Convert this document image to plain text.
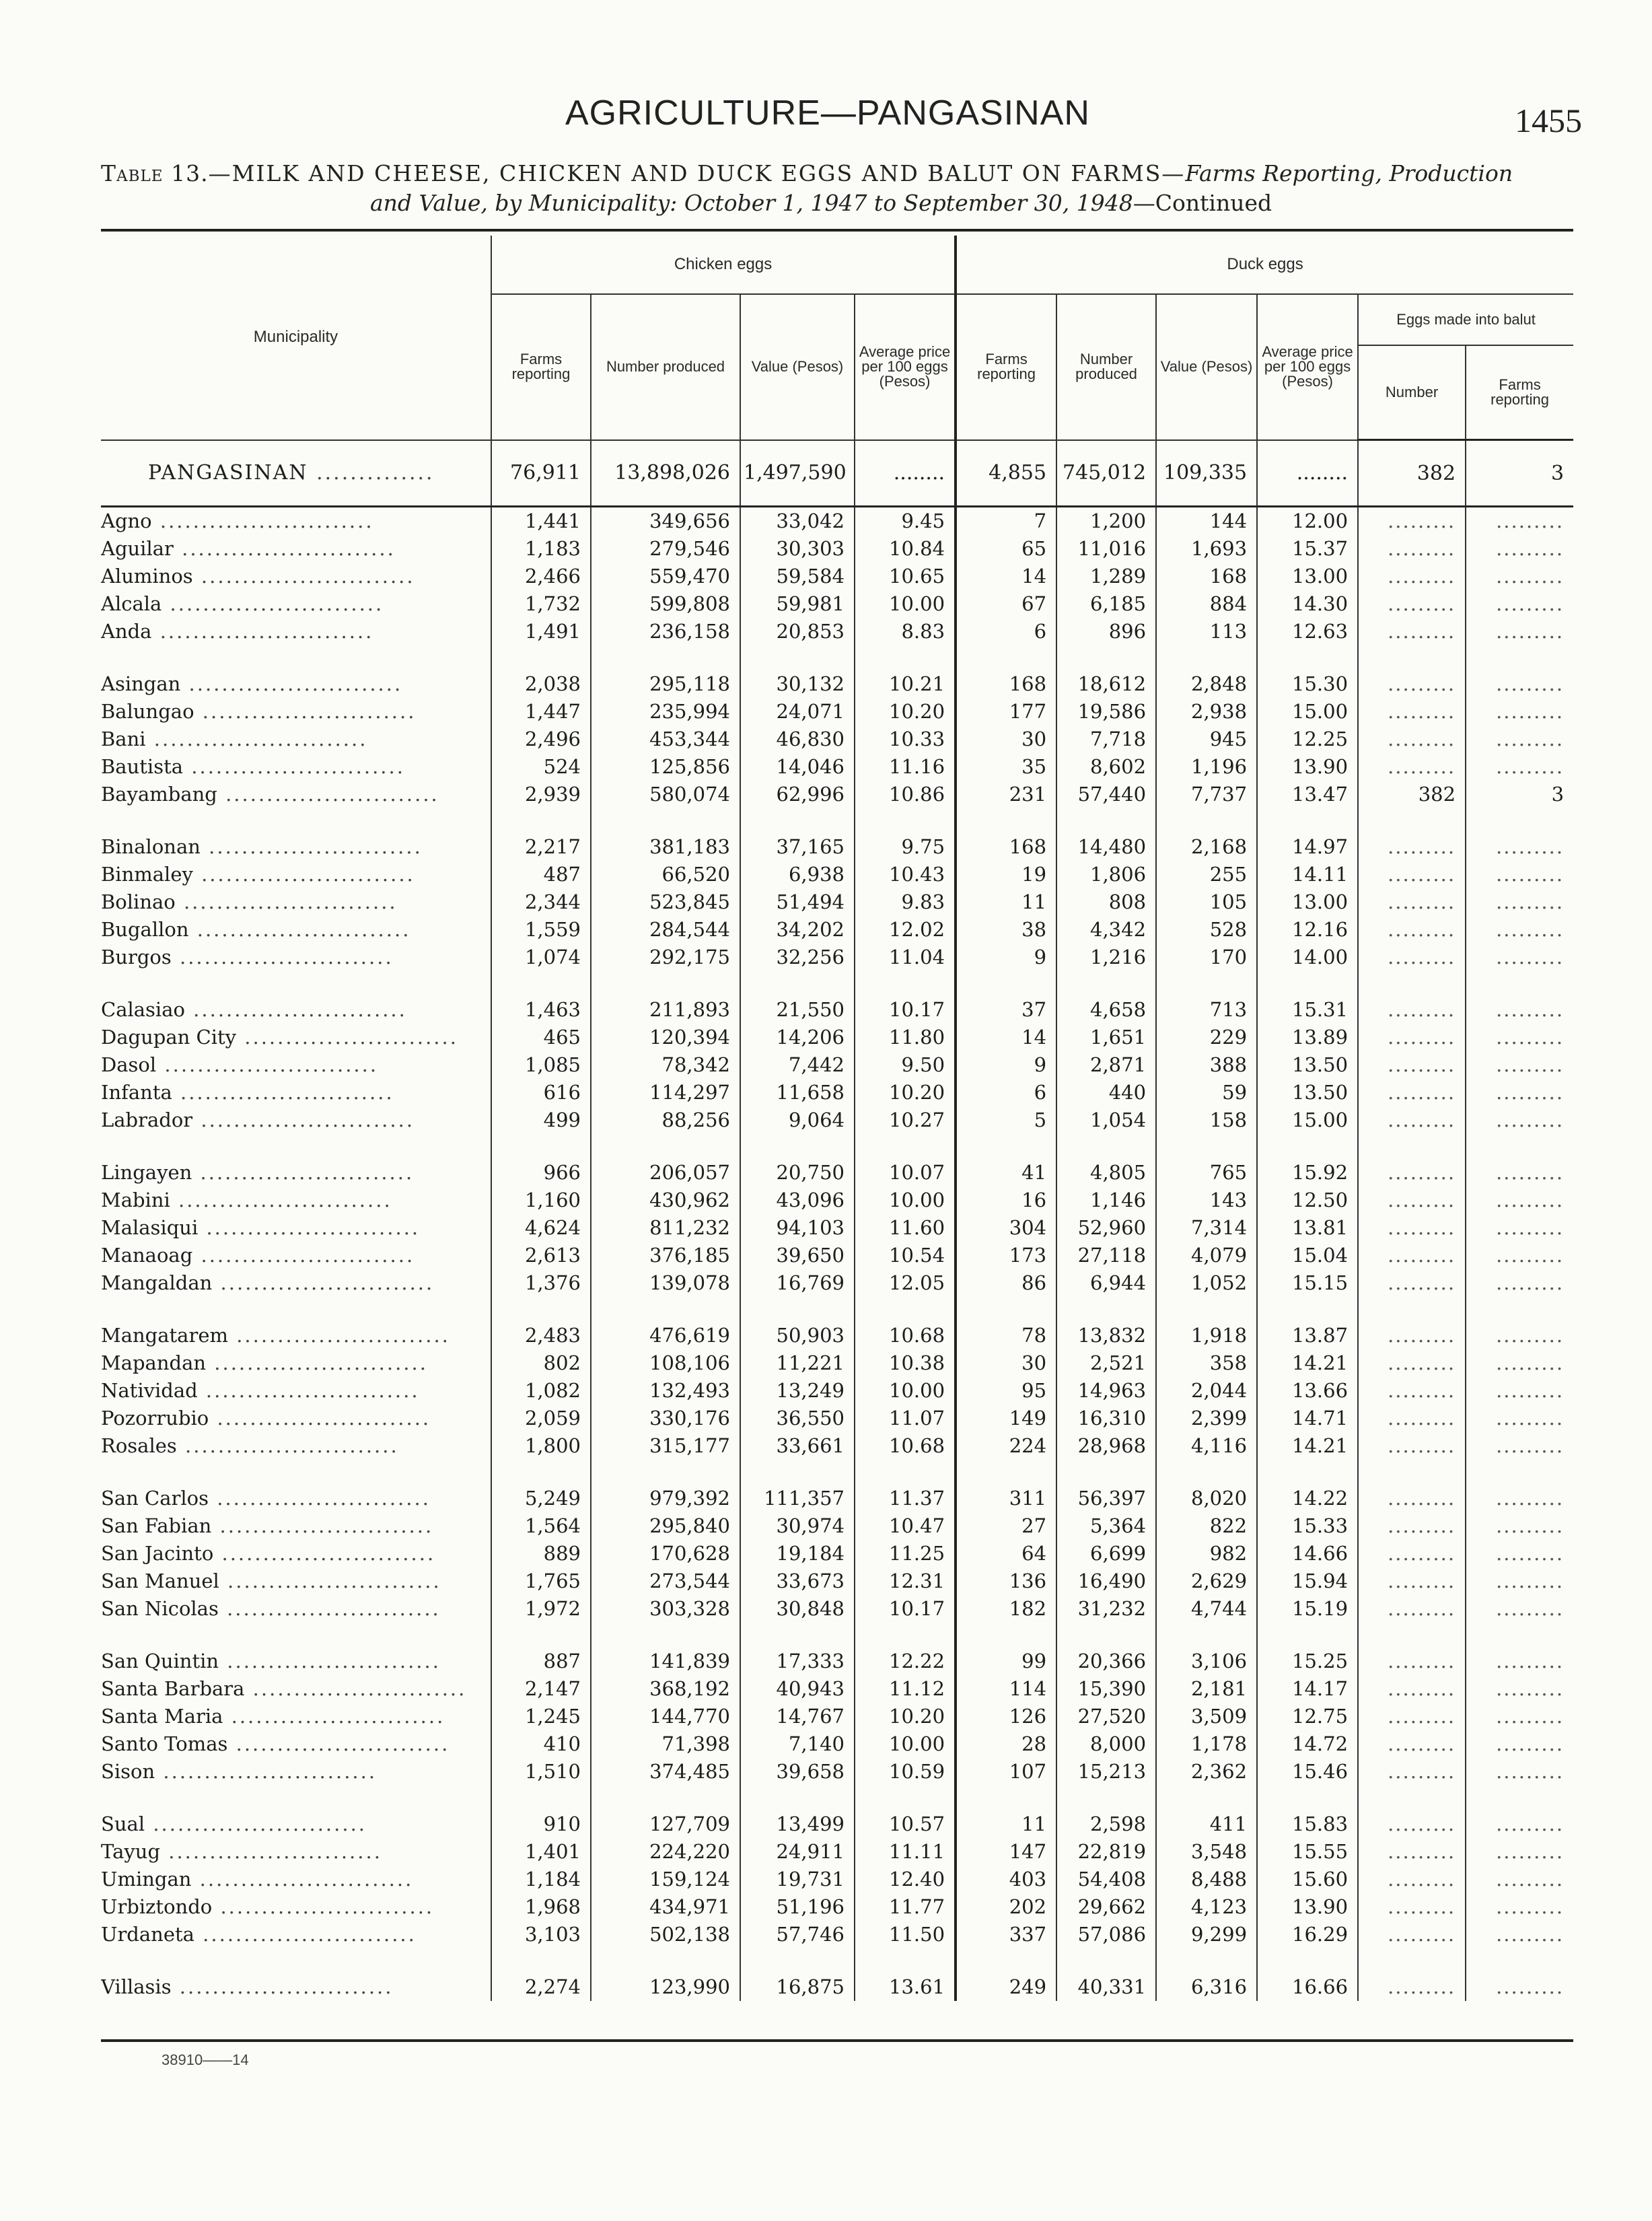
AGRICULTURE—PANGASINAN	1455
Table 13.—MILK AND CHEESE, CHICKEN AND DUCK EGGS AND BALUT ON FARMS—Farms Reporting, Production
and Value, by Municipality: October 1, 1947 to September 30, 1948—Continued
Municipality	Chicken eggs				Duck eggs					
	Farms reporting	Number produced	Value (Pesos)	Average price per 100 eggs (Pesos)	Farms reporting	Number produced	Value (Pesos)	Average price per 100 eggs (Pesos)	Eggs made into balut	
									Number	Farms reporting
PANGASINAN ..............	76,911	13,898,026	1,497,590	........	4,855	745,012	109,335	........	382	3
Agno ..........................	1,441	349,656	33,042	9.45	7	1,200	144	12.00	.........	.........
Aguilar ..........................	1,183	279,546	30,303	10.84	65	11,016	1,693	15.37	.........	.........
Aluminos ..........................	2,466	559,470	59,584	10.65	14	1,289	168	13.00	.........	.........
Alcala ..........................	1,732	599,808	59,981	10.00	67	6,185	884	14.30	.........	.........
Anda ..........................	1,491	236,158	20,853	8.83	6	896	113	12.63	.........	.........

Asingan ..........................	2,038	295,118	30,132	10.21	168	18,612	2,848	15.30	.........	.........
Balungao ..........................	1,447	235,994	24,071	10.20	177	19,586	2,938	15.00	.........	.........
Bani ..........................	2,496	453,344	46,830	10.33	30	7,718	945	12.25	.........	.........
Bautista ..........................	524	125,856	14,046	11.16	35	8,602	1,196	13.90	.........	.........
Bayambang ..........................	2,939	580,074	62,996	10.86	231	57,440	7,737	13.47	382	3

Binalonan ..........................	2,217	381,183	37,165	9.75	168	14,480	2,168	14.97	.........	.........
Binmaley ..........................	487	66,520	6,938	10.43	19	1,806	255	14.11	.........	.........
Bolinao ..........................	2,344	523,845	51,494	9.83	11	808	105	13.00	.........	.........
Bugallon ..........................	1,559	284,544	34,202	12.02	38	4,342	528	12.16	.........	.........
Burgos ..........................	1,074	292,175	32,256	11.04	9	1,216	170	14.00	.........	.........

Calasiao ..........................	1,463	211,893	21,550	10.17	37	4,658	713	15.31	.........	.........
Dagupan City ..........................	465	120,394	14,206	11.80	14	1,651	229	13.89	.........	.........
Dasol ..........................	1,085	78,342	7,442	9.50	9	2,871	388	13.50	.........	.........
Infanta ..........................	616	114,297	11,658	10.20	6	440	59	13.50	.........	.........
Labrador ..........................	499	88,256	9,064	10.27	5	1,054	158	15.00	.........	.........

Lingayen ..........................	966	206,057	20,750	10.07	41	4,805	765	15.92	.........	.........
Mabini ..........................	1,160	430,962	43,096	10.00	16	1,146	143	12.50	.........	.........
Malasiqui ..........................	4,624	811,232	94,103	11.60	304	52,960	7,314	13.81	.........	.........
Manaoag ..........................	2,613	376,185	39,650	10.54	173	27,118	4,079	15.04	.........	.........
Mangaldan ..........................	1,376	139,078	16,769	12.05	86	6,944	1,052	15.15	.........	.........

Mangatarem ..........................	2,483	476,619	50,903	10.68	78	13,832	1,918	13.87	.........	.........
Mapandan ..........................	802	108,106	11,221	10.38	30	2,521	358	14.21	.........	.........
Natividad ..........................	1,082	132,493	13,249	10.00	95	14,963	2,044	13.66	.........	.........
Pozorrubio ..........................	2,059	330,176	36,550	11.07	149	16,310	2,399	14.71	.........	.........
Rosales ..........................	1,800	315,177	33,661	10.68	224	28,968	4,116	14.21	.........	.........

San Carlos ..........................	5,249	979,392	111,357	11.37	311	56,397	8,020	14.22	.........	.........
San Fabian ..........................	1,564	295,840	30,974	10.47	27	5,364	822	15.33	.........	.........
San Jacinto ..........................	889	170,628	19,184	11.25	64	6,699	982	14.66	.........	.........
San Manuel ..........................	1,765	273,544	33,673	12.31	136	16,490	2,629	15.94	.........	.........
San Nicolas ..........................	1,972	303,328	30,848	10.17	182	31,232	4,744	15.19	.........	.........

San Quintin ..........................	887	141,839	17,333	12.22	99	20,366	3,106	15.25	.........	.........
Santa Barbara ..........................	2,147	368,192	40,943	11.12	114	15,390	2,181	14.17	.........	.........
Santa Maria ..........................	1,245	144,770	14,767	10.20	126	27,520	3,509	12.75	.........	.........
Santo Tomas ..........................	410	71,398	7,140	10.00	28	8,000	1,178	14.72	.........	.........
Sison ..........................	1,510	374,485	39,658	10.59	107	15,213	2,362	15.46	.........	.........

Sual ..........................	910	127,709	13,499	10.57	11	2,598	411	15.83	.........	.........
Tayug ..........................	1,401	224,220	24,911	11.11	147	22,819	3,548	15.55	.........	.........
Umingan ..........................	1,184	159,124	19,731	12.40	403	54,408	8,488	15.60	.........	.........
Urbiztondo ..........................	1,968	434,971	51,196	11.77	202	29,662	4,123	13.90	.........	.........
Urdaneta ..........................	3,103	502,138	57,746	11.50	337	57,086	9,299	16.29	.........	.........

Villasis ..........................	2,274	123,990	16,875	13.61	249	40,331	6,316	16.66	.........	.........
38910——14
